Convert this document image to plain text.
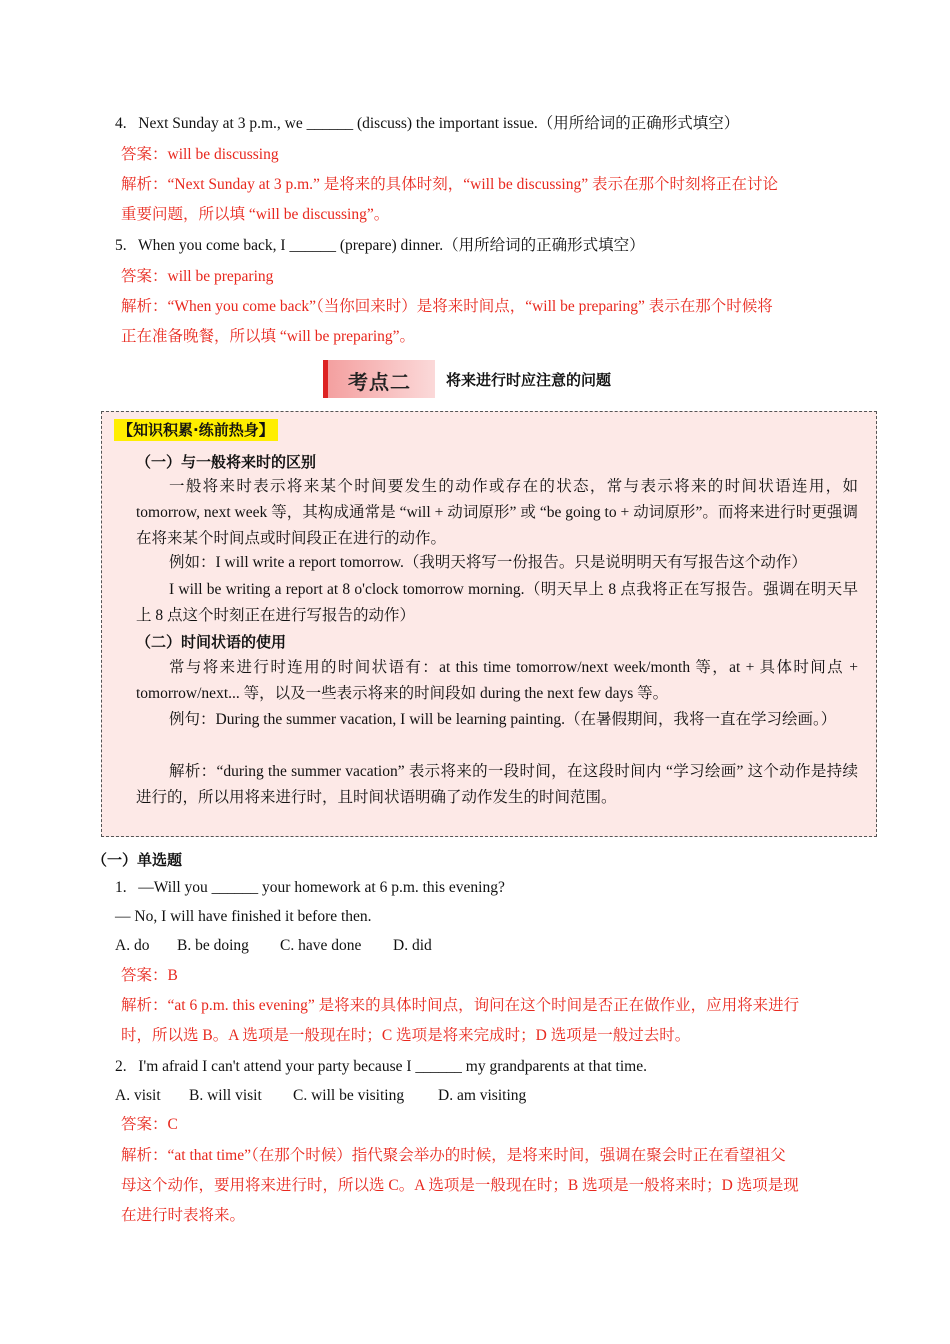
4.   Next Sunday at 3 p.m., we ______ (discuss) the important issue.（用所给词的正确形式填空）
答案：will be discussing
解析：“Next Sunday at 3 p.m.” 是将来的具体时刻，“will be discussing” 表示在那个时刻将正在讨论
重要问题，所以填 “will be discussing”。
5.   When you come back, I ______ (prepare) dinner.（用所给词的正确形式填空）
答案：will be preparing
解析：“When you come back”（当你回来时）是将来时间点，“will be preparing” 表示在那个时候将
正在准备晚餐，所以填 “will be preparing”。
考点二 将来进行时应注意的问题
【知识积累·练前热身】
（一）与一般将来时的区别
一般将来时表示将来某个时间要发生的动作或存在的状态，常与表示将来的时间状语连用，如 tomorrow, next week 等，其构成通常是 “will + 动词原形” 或 “be going to + 动词原形”。而将来进行时更强调在将来某个时间点或时间段正在进行的动作。
例如：I will write a report tomorrow.（我明天将写一份报告。只是说明明天有写报告这个动作）
I will be writing a report at 8 o'clock tomorrow morning.（明天早上 8 点我将正在写报告。强调在明天早上 8 点这个时刻正在进行写报告的动作）
（二）时间状语的使用
常与将来进行时连用的时间状语有：at this time tomorrow/next week/month 等，at + 具体时间点 + tomorrow/next... 等，以及一些表示将来的时间段如 during the next few days 等。
例句：During the summer vacation, I will be learning painting.（在暑假期间，我将一直在学习绘画。）
解析：“during the summer vacation” 表示将来的一段时间，在这段时间内 “学习绘画” 这个动作是持续进行的，所以用将来进行时，且时间状语明确了动作发生的时间范围。
（一）单选题
1.   —Will you ______ your homework at 6 p.m. this evening?
— No, I will have finished it before then.
A. do B. be doing C. have done D. did
答案：B
解析：“at 6 p.m. this evening” 是将来的具体时间点，询问在这个时间是否正在做作业，应用将来进行
时，所以选 B。A 选项是一般现在时；C 选项是将来完成时；D 选项是一般过去时。
2.   I'm afraid I can't attend your party because I ______ my grandparents at that time.
A. visit B. will visit C. will be visiting D. am visiting
答案：C
解析：“at that time”（在那个时候）指代聚会举办的时候，是将来时间，强调在聚会时正在看望祖父
母这个动作，要用将来进行时，所以选 C。A 选项是一般现在时；B 选项是一般将来时；D 选项是现
在进行时表将来。
